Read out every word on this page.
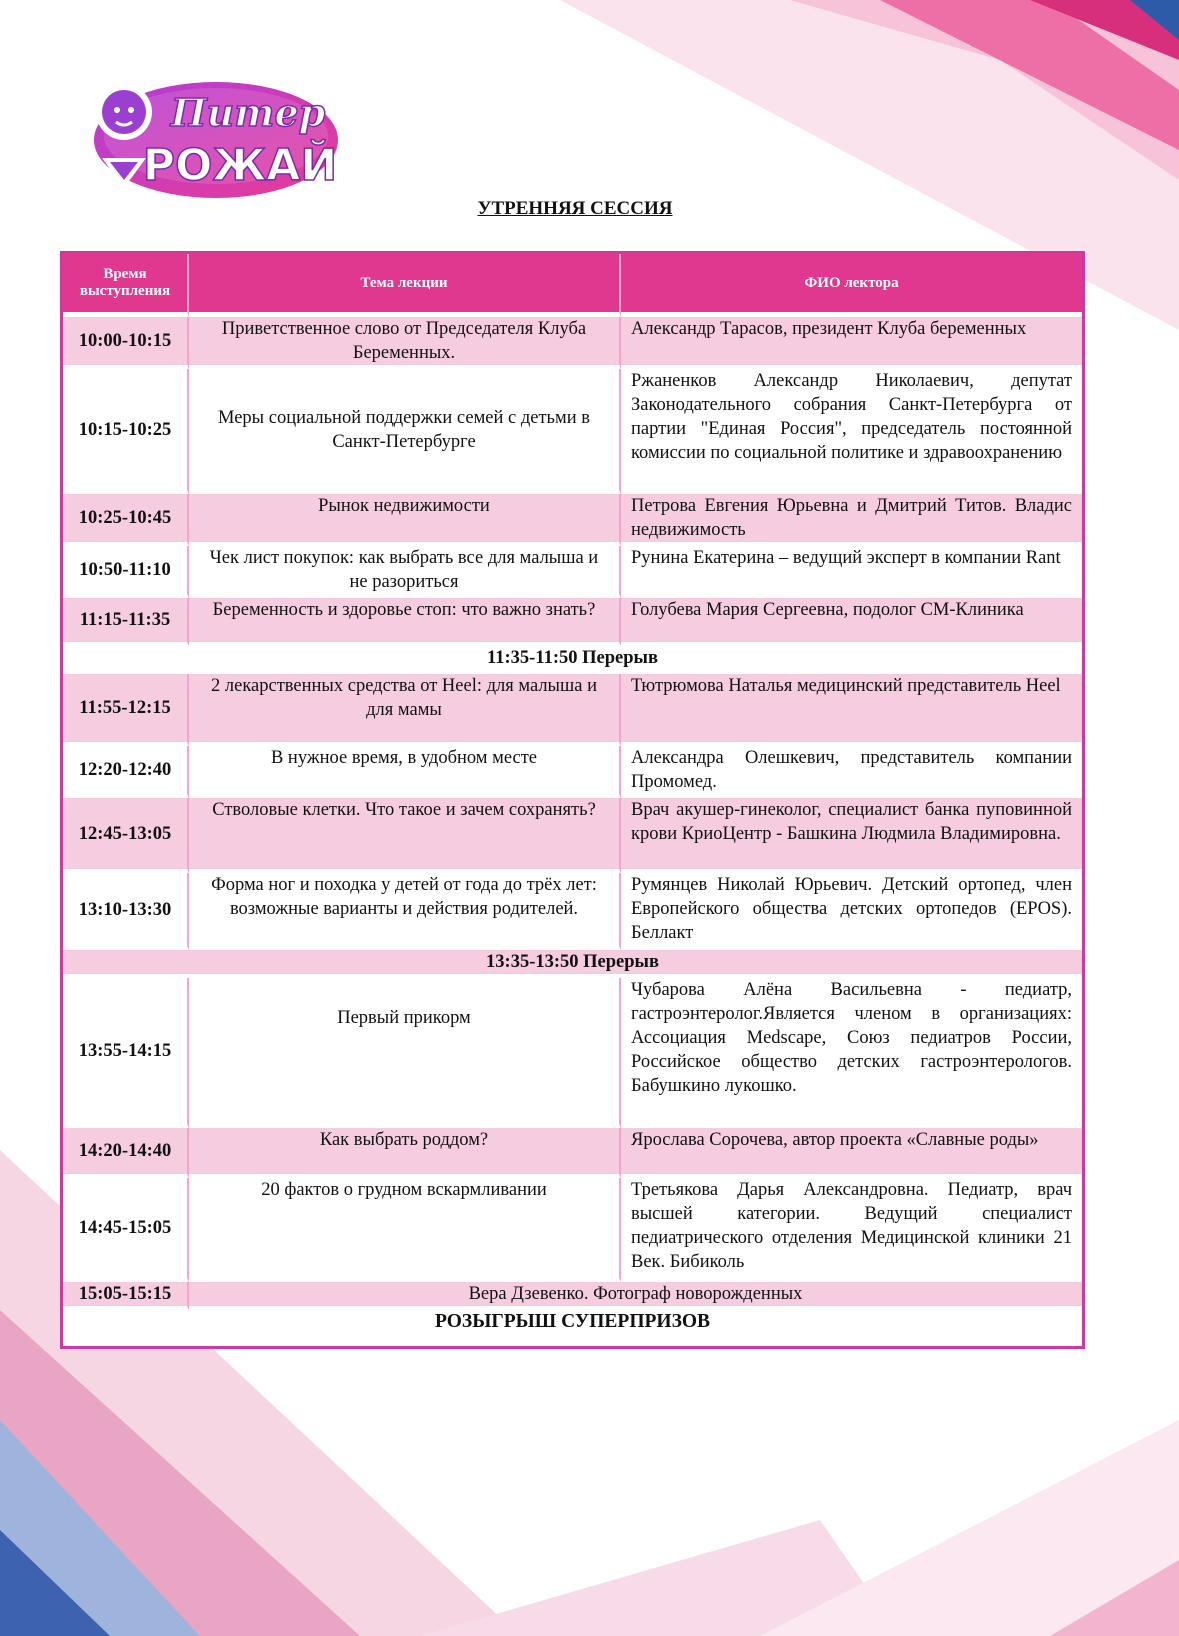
Питер
РОЖАЙ
УТРЕННЯЯ СЕССИЯ
Время выступления	Тема лекции	ФИО лектора
10:00-10:15	Приветственное слово от Председателя Клуба Беременных.	Александр Тарасов, президент Клуба беременных
10:15-10:25	Меры социальной поддержки семей с детьми в Санкт-Петербурге	Ржаненков Александр Николаевич, депутат Законодательного собрания Санкт-Петербурга от партии "Единая Россия", председатель постоянной комиссии по социальной политике и здравоохранению
10:25-10:45	Рынок недвижимости	Петрова Евгения Юрьевна и Дмитрий Титов. Владис недвижимость
10:50-11:10	Чек лист покупок: как выбрать все для малыша и не разориться	Рунина Екатерина – ведущий эксперт в компании Rant
11:15-11:35	Беременность и здоровье стоп: что важно знать?	Голубева Мария Сергеевна, подолог СМ-Клиника
11:35-11:50 Перерыв		
11:55-12:15	2 лекарственных средства от Heel: для малыша и для мамы	Тютрюмова Наталья медицинский представитель Heel
12:20-12:40	В нужное время, в удобном месте	Александра Олешкевич, представитель компании Промомед.
12:45-13:05	Стволовые клетки. Что такое и зачем сохранять?	Врач акушер-гинеколог, специалист банка пуповинной крови КриоЦентр - Башкина Людмила Владимировна.
13:10-13:30	Форма ног и походка у детей от года до трёх лет: возможные варианты и действия родителей.	Румянцев Николай Юрьевич. Детский ортопед, член Европейского общества детских ортопедов (EPOS). Беллакт
13:35-13:50 Перерыв		
13:55-14:15	Первый прикорм	Чубарова Алёна Васильевна - педиатр, гастроэнтеролог.Является членом в организациях: Ассоциация Medscape, Союз педиатров России, Российское общество детских гастроэнтерологов. Бабушкино лукошко.
14:20-14:40	Как выбрать роддом?	Ярослава Сорочева, автор проекта «Славные роды»
14:45-15:05	20 фактов о грудном вскармливании	Третьякова Дарья Александровна. Педиатр, врач высшей категории. Ведущий специалист педиатрического отделения Медицинской клиники 21 Век. Бибиколь
15:05-15:15	Вера Дзевенко. Фотограф новорожденных	
РОЗЫГРЫШ СУПЕРПРИЗОВ		
